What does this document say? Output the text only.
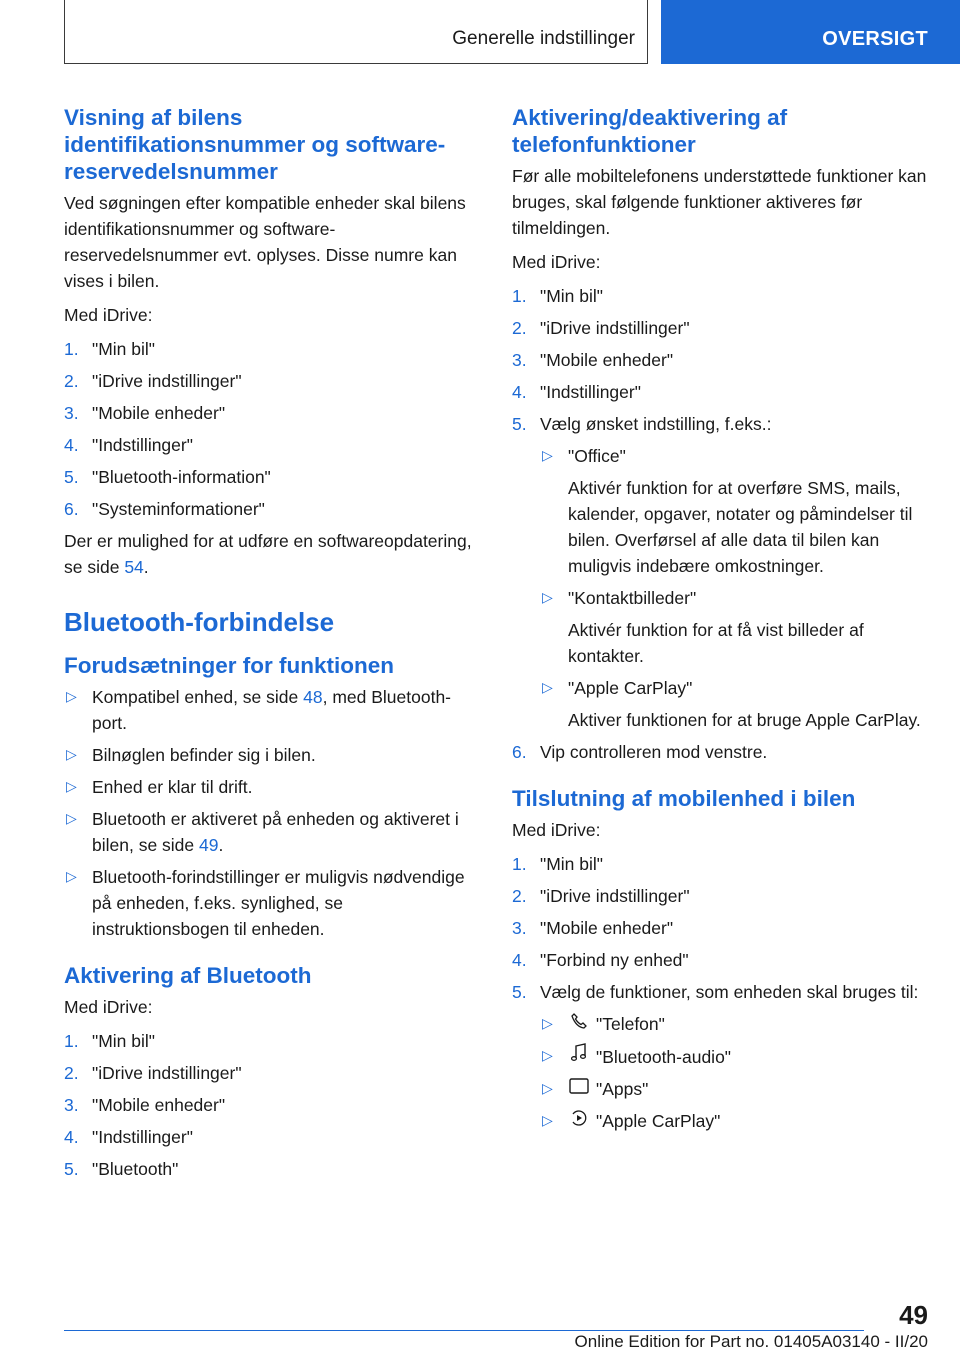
Generelle indstillinger	OVERSIGT
Visning af bilens identifikationsnummer og software-reservedelsnummer

Ved søgningen efter kompatible enheder skal bilens identifikationsnummer og software-reservedelsnummer evt. oplyses. Disse numre kan vises i bilen.

Med iDrive:

1. "Min bil"
2. "iDrive indstillinger"
3. "Mobile enheder"
4. "Indstillinger"
5. "Bluetooth-information"
6. "Systeminformationer"

Der er mulighed for at udføre en softwareopdatering, se side 54.

Bluetooth-forbindelse
Forudsætninger for funktionen
▷ Kompatibel enhed, se side 48, med Bluetooth-port.
▷ Bilnøglen befinder sig i bilen.
▷ Enhed er klar til drift.
▷ Bluetooth er aktiveret på enheden og aktiveret i bilen, se side 49.
▷ Bluetooth-forindstillinger er muligvis nødvendige på enheden, f.eks. synlighed, se instruktionsbogen til enheden.
Aktivering af Bluetooth

Med iDrive:

1. "Min bil"
2. "iDrive indstillinger"
3. "Mobile enheder"
4. "Indstillinger"
5. "Bluetooth"
Aktivering/deaktivering af telefonfunktioner

Før alle mobiltelefonens understøttede funktioner kan bruges, skal følgende funktioner aktiveres før tilmeldingen.

Med iDrive:

1. "Min bil"
2. "iDrive indstillinger"
3. "Mobile enheder"
4. "Indstillinger"
5. Vælg ønsket indstilling, f.eks.:
▷ "Office"
Aktivér funktion for at overføre SMS, mails, kalender, opgaver, notater og påmindelser til bilen. Overførsel af alle data til bilen kan muligvis indebære omkostninger.
▷ "Kontaktbilleder"
Aktivér funktion for at få vist billeder af kontakter.
▷ "Apple CarPlay"
Aktiver funktionen for at bruge Apple CarPlay.
6. Vip controlleren mod venstre.
Tilslutning af mobilenhed i bilen

Med iDrive:

1. "Min bil"
2. "iDrive indstillinger"
3. "Mobile enheder"
4. "Forbind ny enhed"
5. Vælg de funktioner, som enheden skal bruges til:
▷ "Telefon"
▷ "Bluetooth-audio"
▷ "Apps"
▷ "Apple CarPlay"
49
Online Edition for Part no. 01405A03140 - II/20
